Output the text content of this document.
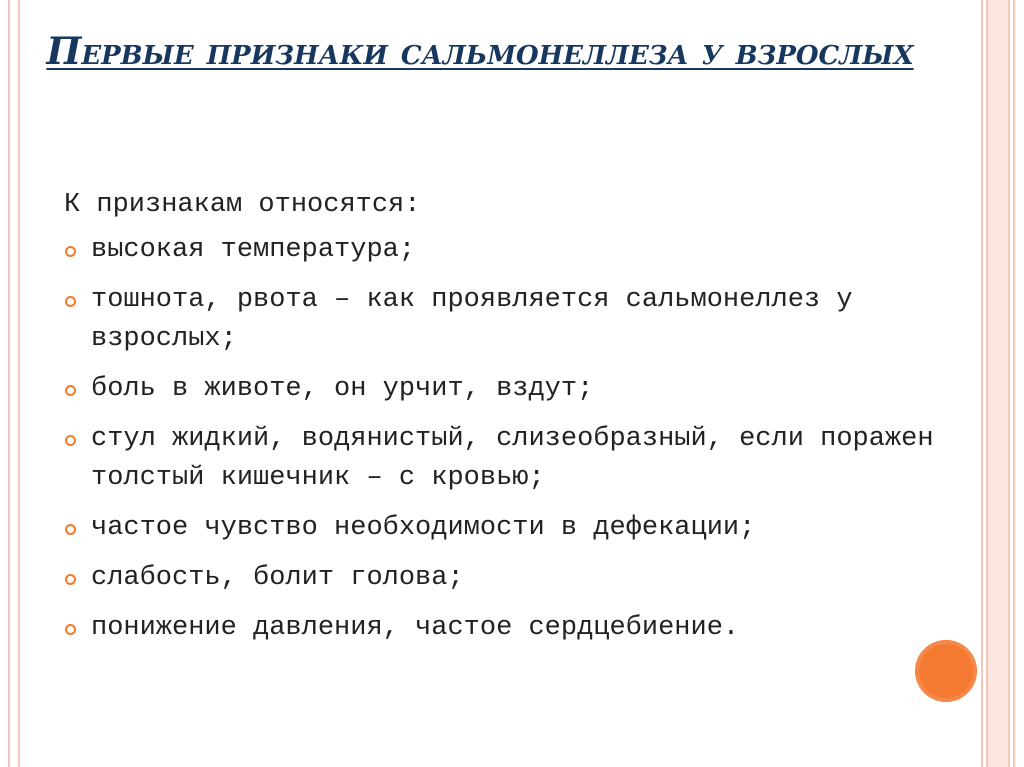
Первые признаки сальмонеллеза у взрослых
К признакам относятся:
высокая температура;
тошнота, рвота – как проявляется сальмонеллез у взрослых;
боль в животе, он урчит, вздут;
стул жидкий, водянистый, слизеобразный, если поражен толстый кишечник – с кровью;
частое чувство необходимости в дефекации;
слабость, болит голова;
понижение давления, частое сердцебиение.
